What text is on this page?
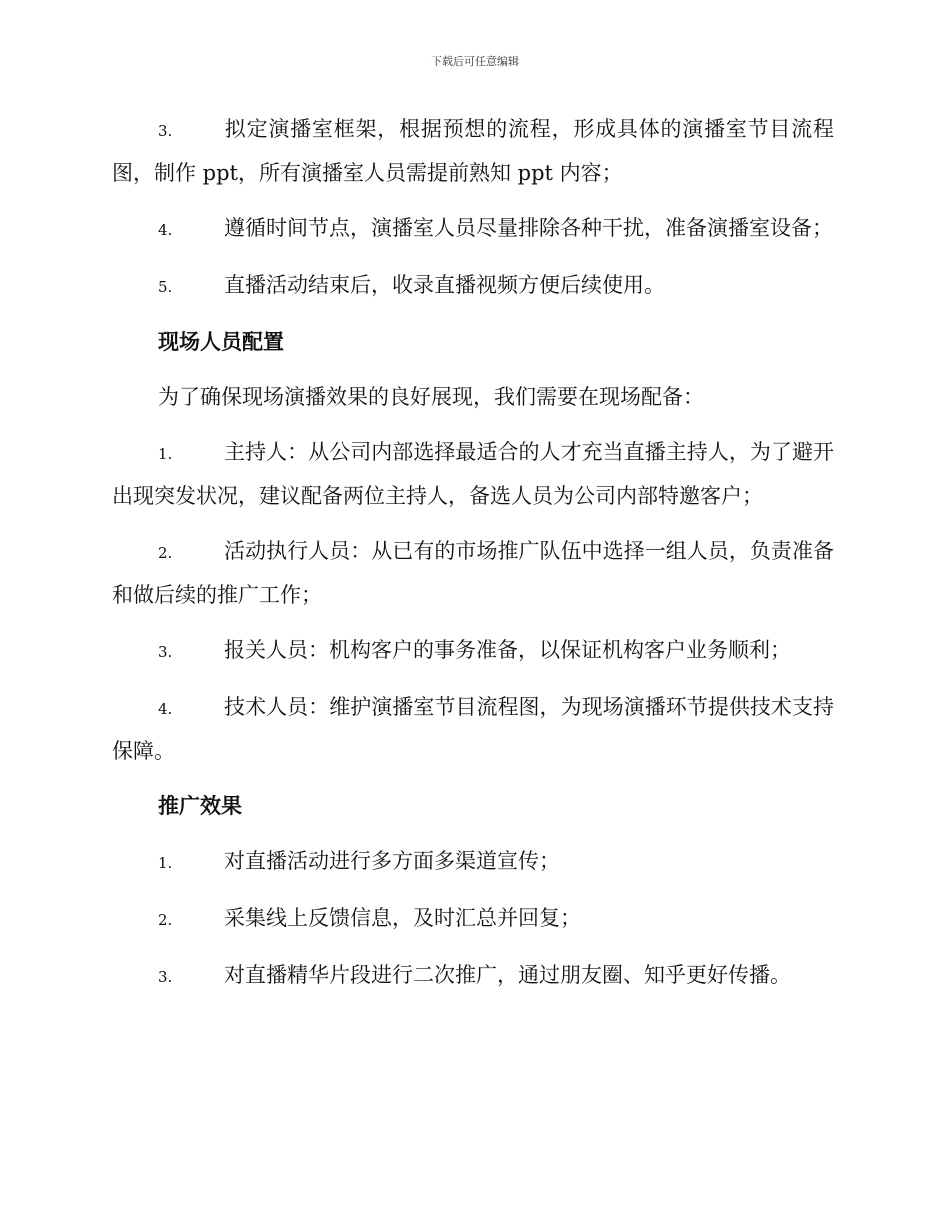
下载后可任意编辑

3. 拟定演播室框架，根据预想的流程，形成具体的演播室节目流程图，制作 ppt，所有演播室人员需提前熟知 ppt 内容；

4. 遵循时间节点，演播室人员尽量排除各种干扰，准备演播室设备；

5. 直播活动结束后，收录直播视频方便后续使用。

现场人员配置

为了确保现场演播效果的良好展现，我们需要在现场配备：

1. 主持人：从公司内部选择最适合的人才充当直播主持人，为了避开出现突发状况，建议配备两位主持人，备选人员为公司内部特邀客户；

2. 活动执行人员：从已有的市场推广队伍中选择一组人员，负责准备和做后续的推广工作；

3. 报关人员：机构客户的事务准备，以保证机构客户业务顺利；

4. 技术人员：维护演播室节目流程图，为现场演播环节提供技术支持保障。

推广效果

1. 对直播活动进行多方面多渠道宣传；

2. 采集线上反馈信息，及时汇总并回复；

3. 对直播精华片段进行二次推广，通过朋友圈、知乎更好传播。
